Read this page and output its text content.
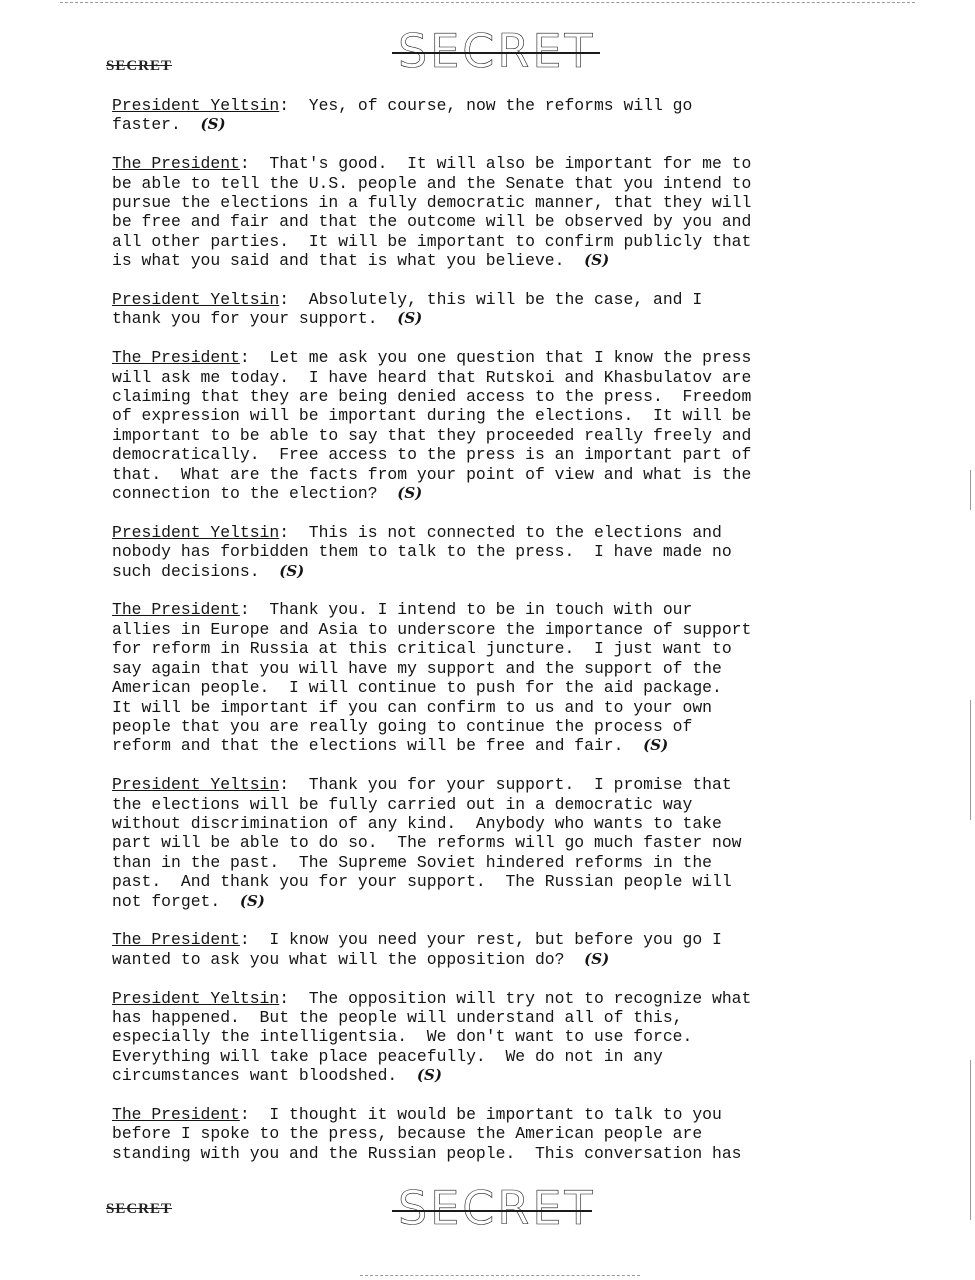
SECRET	SECRET
President Yeltsin:  Yes, of course, now the reforms will go
faster.  (S)
The President:  That's good.  It will also be important for me to
be able to tell the U.S. people and the Senate that you intend to
pursue the elections in a fully democratic manner, that they will
be free and fair and that the outcome will be observed by you and
all other parties.  It will be important to confirm publicly that
is what you said and that is what you believe.  (S)
President Yeltsin:  Absolutely, this will be the case, and I
thank you for your support.  (S)
The President:  Let me ask you one question that I know the press
will ask me today.  I have heard that Rutskoi and Khasbulatov are
claiming that they are being denied access to the press.  Freedom
of expression will be important during the elections.  It will be
important to be able to say that they proceeded really freely and
democratically.  Free access to the press is an important part of
that.  What are the facts from your point of view and what is the
connection to the election?  (S)
President Yeltsin:  This is not connected to the elections and
nobody has forbidden them to talk to the press.  I have made no
such decisions.  (S)
The President:  Thank you. I intend to be in touch with our
allies in Europe and Asia to underscore the importance of support
for reform in Russia at this critical juncture.  I just want to
say again that you will have my support and the support of the
American people.  I will continue to push for the aid package.
It will be important if you can confirm to us and to your own
people that you are really going to continue the process of
reform and that the elections will be free and fair.  (S)
President Yeltsin:  Thank you for your support.  I promise that
the elections will be fully carried out in a democratic way
without discrimination of any kind.  Anybody who wants to take
part will be able to do so.  The reforms will go much faster now
than in the past.  The Supreme Soviet hindered reforms in the
past.  And thank you for your support.  The Russian people will
not forget.  (S)
The President:  I know you need your rest, but before you go I
wanted to ask you what will the opposition do?  (S)
President Yeltsin:  The opposition will try not to recognize what
has happened.  But the people will understand all of this,
especially the intelligentsia.  We don't want to use force.
Everything will take place peacefully.  We do not in any
circumstances want bloodshed.  (S)
The President:  I thought it would be important to talk to you
before I spoke to the press, because the American people are
standing with you and the Russian people.  This conversation has
SECRET	SECRET
